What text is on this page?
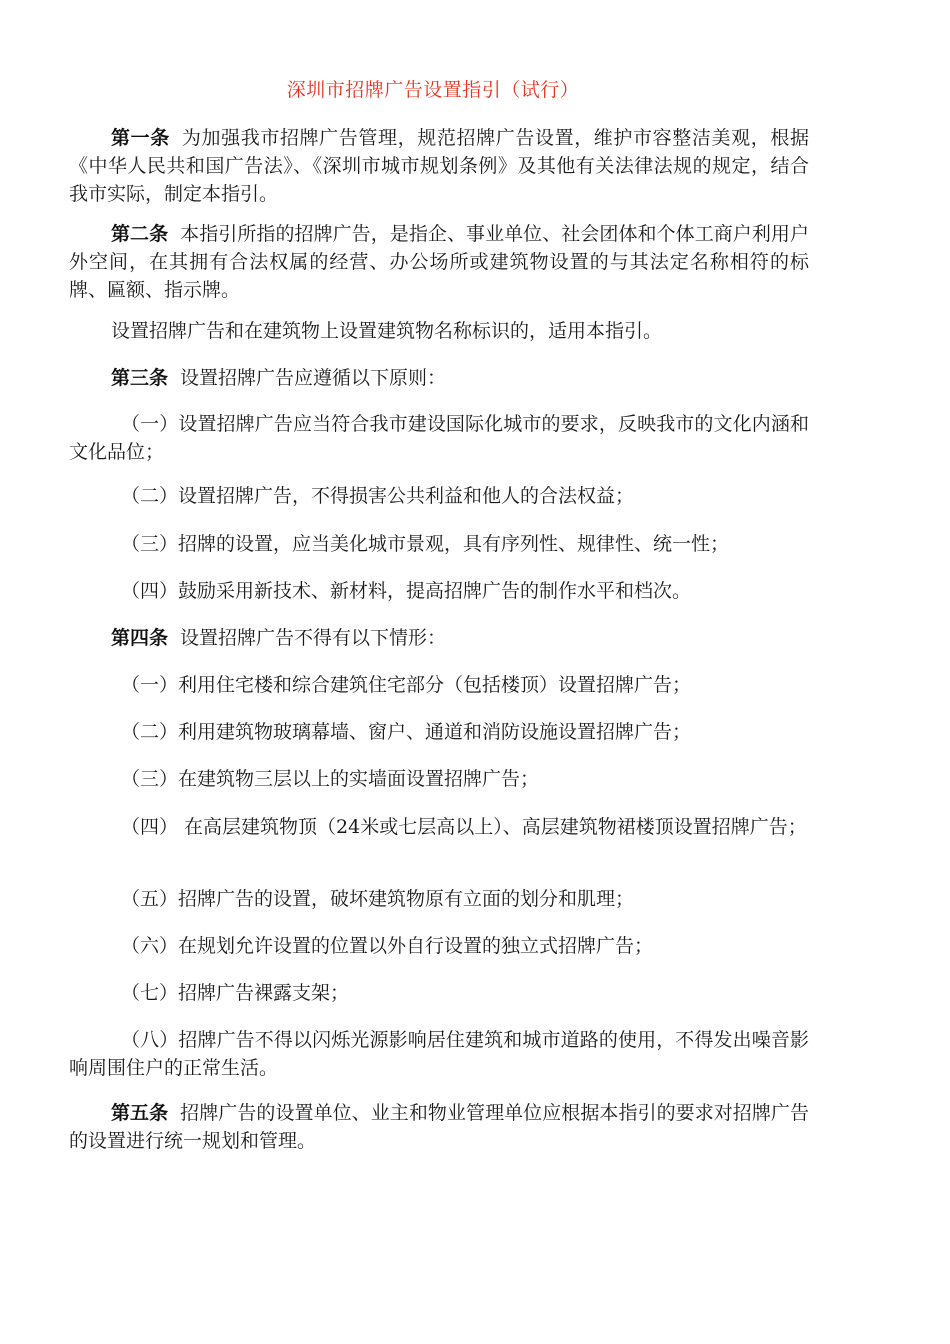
深圳市招牌广告设置指引（试行）

第一条 为加强我市招牌广告管理，规范招牌广告设置，维护市容整洁美观，根据《中华人民共和国广告法》、《深圳市城市规划条例》及其他有关法律法规的规定，结合我市实际，制定本指引。

第二条 本指引所指的招牌广告，是指企、事业单位、社会团体和个体工商户利用户外空间，在其拥有合法权属的经营、办公场所或建筑物设置的与其法定名称相符的标牌、匾额、指示牌。

设置招牌广告和在建筑物上设置建筑物名称标识的，适用本指引。

第三条 设置招牌广告应遵循以下原则：

（一）设置招牌广告应当符合我市建设国际化城市的要求，反映我市的文化内涵和文化品位；

（二）设置招牌广告，不得损害公共利益和他人的合法权益；

（三）招牌的设置，应当美化城市景观，具有序列性、规律性、统一性；

（四）鼓励采用新技术、新材料，提高招牌广告的制作水平和档次。

第四条 设置招牌广告不得有以下情形：

（一）利用住宅楼和综合建筑住宅部分（包括楼顶）设置招牌广告；

（二）利用建筑物玻璃幕墙、窗户、通道和消防设施设置招牌广告；

（三）在建筑物三层以上的实墙面设置招牌广告；

（四） 在高层建筑物顶（24米或七层高以上）、高层建筑物裙楼顶设置招牌广告；

（五）招牌广告的设置，破坏建筑物原有立面的划分和肌理；

（六）在规划允许设置的位置以外自行设置的独立式招牌广告；

（七）招牌广告裸露支架；

（八）招牌广告不得以闪烁光源影响居住建筑和城市道路的使用，不得发出噪音影响周围住户的正常生活。

第五条 招牌广告的设置单位、业主和物业管理单位应根据本指引的要求对招牌广告的设置进行统一规划和管理。
